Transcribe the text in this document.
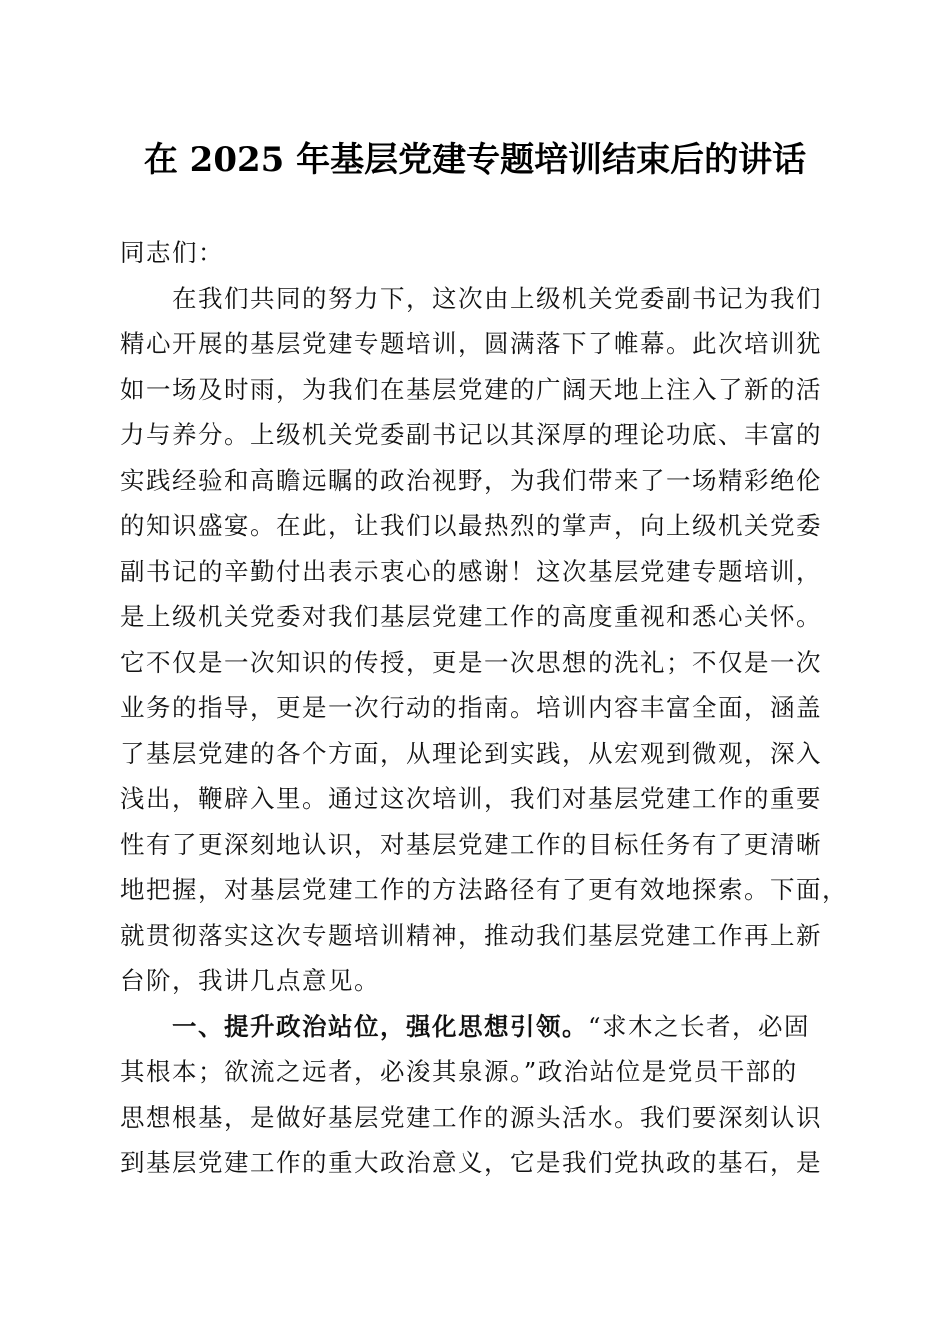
在 2025 年基层党建专题培训结束后的讲话
同志们：
在我们共同的努力下，这次由上级机关党委副书记为我们
精心开展的基层党建专题培训，圆满落下了帷幕。此次培训犹
如一场及时雨，为我们在基层党建的广阔天地上注入了新的活
力与养分。上级机关党委副书记以其深厚的理论功底、丰富的
实践经验和高瞻远瞩的政治视野，为我们带来了一场精彩绝伦
的知识盛宴。在此，让我们以最热烈的掌声，向上级机关党委
副书记的辛勤付出表示衷心的感谢！这次基层党建专题培训，
是上级机关党委对我们基层党建工作的高度重视和悉心关怀。
它不仅是一次知识的传授，更是一次思想的洗礼；不仅是一次
业务的指导，更是一次行动的指南。培训内容丰富全面，涵盖
了基层党建的各个方面，从理论到实践，从宏观到微观，深入
浅出，鞭辟入里。通过这次培训，我们对基层党建工作的重要
性有了更深刻地认识，对基层党建工作的目标任务有了更清晰
地把握，对基层党建工作的方法路径有了更有效地探索。下面，
就贯彻落实这次专题培训精神，推动我们基层党建工作再上新
台阶，我讲几点意见。
一、提升政治站位，强化思想引领。“求木之长者，必固
其根本；欲流之远者，必浚其泉源。”政治站位是党员干部的
思想根基，是做好基层党建工作的源头活水。我们要深刻认识
到基层党建工作的重大政治意义，它是我们党执政的基石，是
